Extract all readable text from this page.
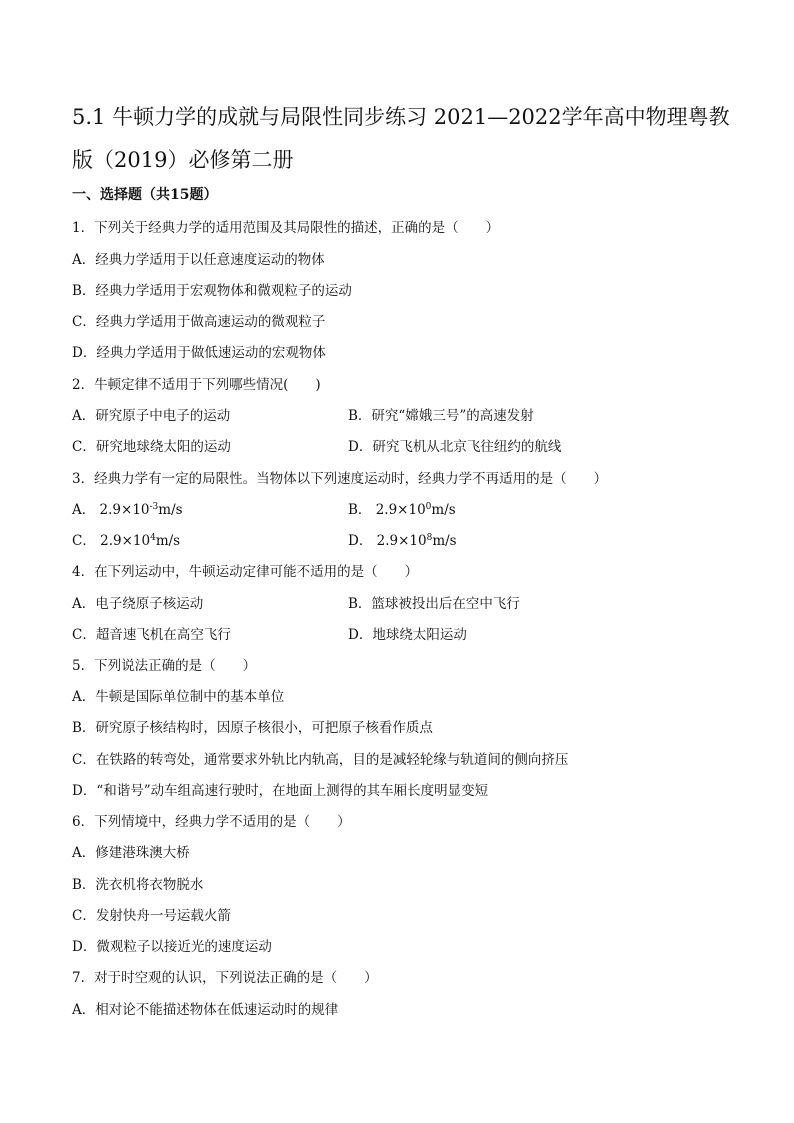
5.1 牛顿力学的成就与局限性同步练习 2021—2022学年高中物理粤教版（2019）必修第二册

一、选择题（共15题）

1．下列关于经典力学的适用范围及其局限性的描述，正确的是（　　）

A．经典力学适用于以任意速度运动的物体

B．经典力学适用于宏观物体和微观粒子的运动

C．经典力学适用于做高速运动的微观粒子

D．经典力学适用于做低速运动的宏观物体

2．牛顿定律不适用于下列哪些情况(　　)

A．研究原子中电子的运动	B．研究“嫦娥三号”的高速发射

C．研究地球绕太阳的运动	D．研究飞机从北京飞往纽约的航线

3．经典力学有一定的局限性。当物体以下列速度运动时，经典力学不再适用的是（　　）

A． $2.9\times 10^{-3}m/s$	B． $2.9\times 10^0m/s$

C． $2.9\times 10^4m/s$	D． $2.9\times 10^8m/s$

4．在下列运动中，牛顿运动定律可能不适用的是（　　）

A．电子绕原子核运动	B．篮球被投出后在空中飞行

C．超音速飞机在高空飞行	D．地球绕太阳运动

5．下列说法正确的是（　　）

A．牛顿是国际单位制中的基本单位

B．研究原子核结构时，因原子核很小，可把原子核看作质点

C．在铁路的转弯处，通常要求外轨比内轨高，目的是减轻轮缘与轨道间的侧向挤压

D．“和谐号”动车组高速行驶时，在地面上测得的其车厢长度明显变短

6．下列情境中，经典力学不适用的是（　　）

A．修建港珠澳大桥

B．洗衣机将衣物脱水

C．发射快舟一号运载火箭

D．微观粒子以接近光的速度运动

7．对于时空观的认识，下列说法正确的是（　　）

A．相对论不能描述物体在低速运动时的规律
